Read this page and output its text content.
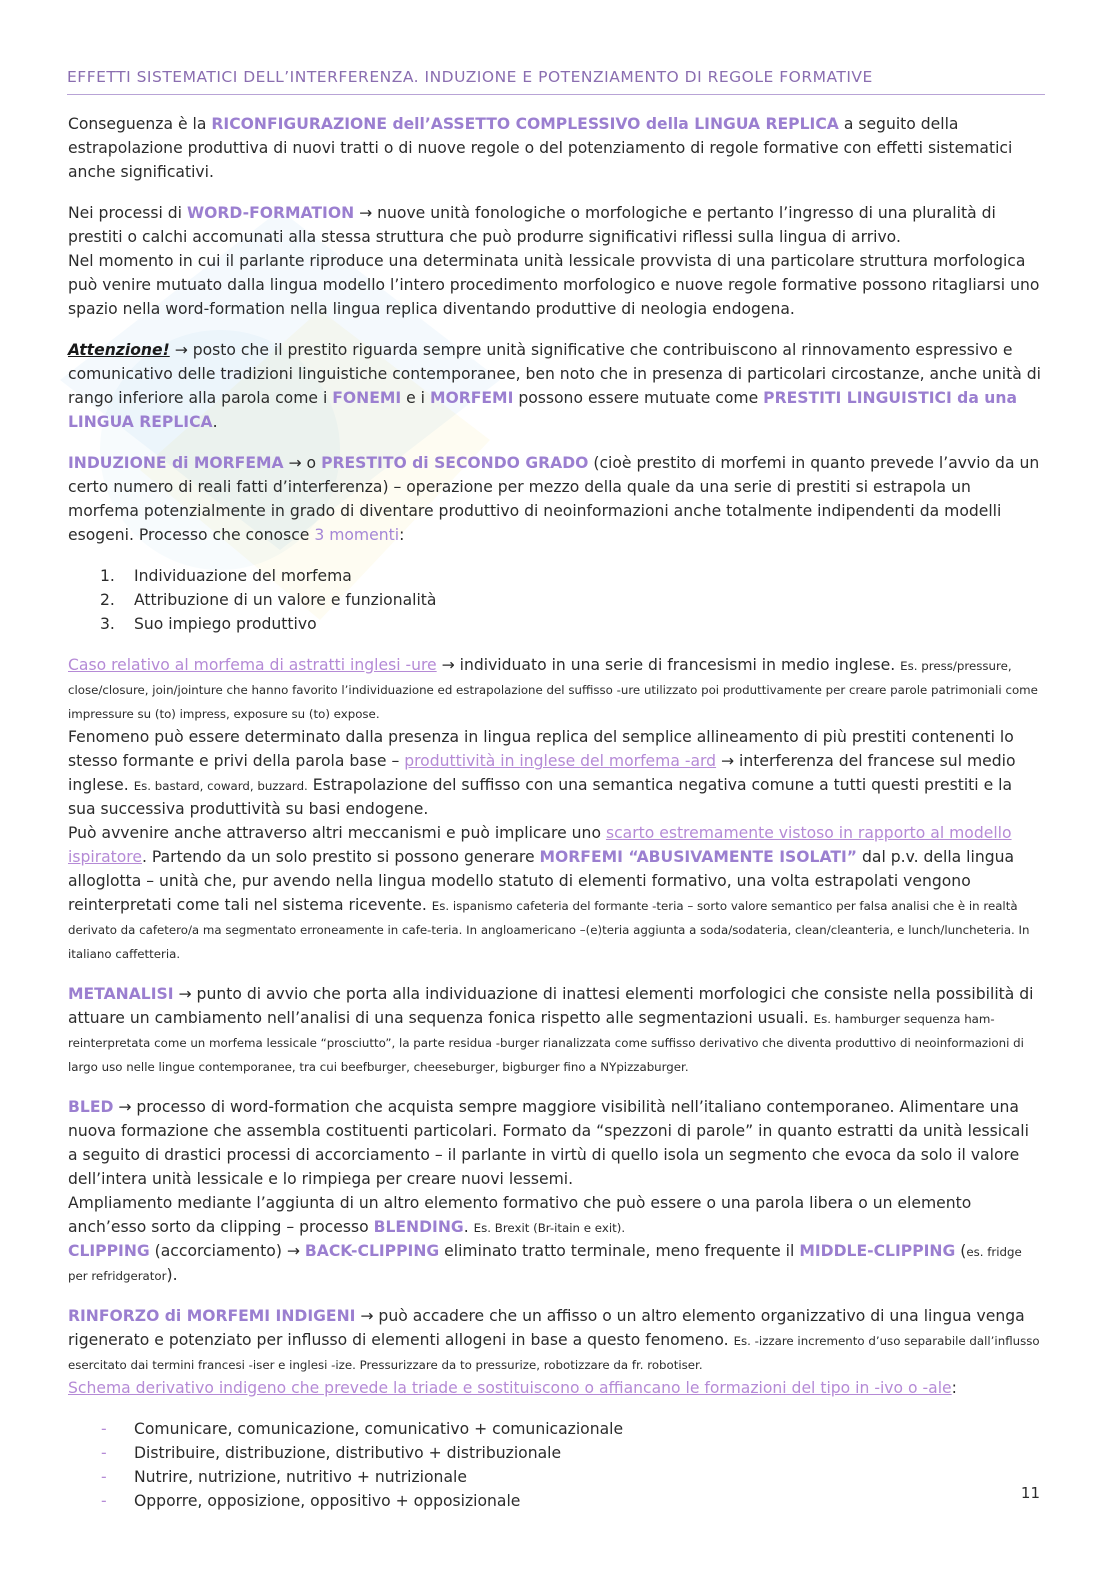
EFFETTI SISTEMATICI DELL’INTERFERENZA. INDUZIONE E POTENZIAMENTO DI REGOLE FORMATIVE

Conseguenza è la RICONFIGURAZIONE dell’ASSETTO COMPLESSIVO della LINGUA REPLICA a seguito della estrapolazione produttiva di nuovi tratti o di nuove regole o del potenziamento di regole formative con effetti sistematici anche significativi.

Nei processi di WORD-FORMATION → nuove unità fonologiche o morfologiche e pertanto l’ingresso di una pluralità di prestiti o calchi accomunati alla stessa struttura che può produrre significativi riflessi sulla lingua di arrivo.
Nel momento in cui il parlante riproduce una determinata unità lessicale provvista di una particolare struttura morfologica può venire mutuato dalla lingua modello l’intero procedimento morfologico e nuove regole formative possono ritagliarsi uno spazio nella word-formation nella lingua replica diventando produttive di neologia endogena.

Attenzione! → posto che il prestito riguarda sempre unità significative che contribuiscono al rinnovamento espressivo e comunicativo delle tradizioni linguistiche contemporanee, ben noto che in presenza di particolari circostanze, anche unità di rango inferiore alla parola come i FONEMI e i MORFEMI possono essere mutuate come PRESTITI LINGUISTICI da una LINGUA REPLICA.

INDUZIONE di MORFEMA → o PRESTITO di SECONDO GRADO (cioè prestito di morfemi in quanto prevede l’avvio da un certo numero di reali fatti d’interferenza) – operazione per mezzo della quale da una serie di prestiti si estrapola un morfema potenzialmente in grado di diventare produttivo di neoinformazioni anche totalmente indipendenti da modelli esogeni. Processo che conosce 3 momenti:

1. Individuazione del morfema
2. Attribuzione di un valore e funzionalità
3. Suo impiego produttivo

Caso relativo al morfema di astratti inglesi -ure → individuato in una serie di francesismi in medio inglese. Es. press/pressure, close/closure, join/jointure che hanno favorito l’individuazione ed estrapolazione del suffisso -ure utilizzato poi produttivamente per creare parole patrimoniali come impressure su (to) impress, exposure su (to) expose.
Fenomeno può essere determinato dalla presenza in lingua replica del semplice allineamento di più prestiti contenenti lo stesso formante e privi della parola base – produttività in inglese del morfema -ard → interferenza del francese sul medio inglese. Es. bastard, coward, buzzard. Estrapolazione del suffisso con una semantica negativa comune a tutti questi prestiti e la sua successiva produttività su basi endogene.
Può avvenire anche attraverso altri meccanismi e può implicare uno scarto estremamente vistoso in rapporto al modello ispiratore. Partendo da un solo prestito si possono generare MORFEMI “ABUSIVAMENTE ISOLATI” dal p.v. della lingua alloglotta – unità che, pur avendo nella lingua modello statuto di elementi formativo, una volta estrapolati vengono reinterpretati come tali nel sistema ricevente. Es. ispanismo cafeteria del formante -teria – sorto valore semantico per falsa analisi che è in realtà derivato da cafetero/a ma segmentato erroneamente in cafe-teria. In angloamericano –(e)teria aggiunta a soda/sodateria, clean/cleanteria, e lunch/luncheteria. In italiano caffetteria.

METANALISI → punto di avvio che porta alla individuazione di inattesi elementi morfologici che consiste nella possibilità di attuare un cambiamento nell’analisi di una sequenza fonica rispetto alle segmentazioni usuali. Es. hamburger sequenza ham- reinterpretata come un morfema lessicale “prosciutto”, la parte residua -burger rianalizzata come suffisso derivativo che diventa produttivo di neoinformazioni di largo uso nelle lingue contemporanee, tra cui beefburger, cheeseburger, bigburger fino a NYpizzaburger.

BLED → processo di word-formation che acquista sempre maggiore visibilità nell’italiano contemporaneo. Alimentare una nuova formazione che assembla costituenti particolari. Formato da “spezzoni di parole” in quanto estratti da unità lessicali a seguito di drastici processi di accorciamento – il parlante in virtù di quello isola un segmento che evoca da solo il valore dell’intera unità lessicale e lo rimpiega per creare nuovi lessemi.
Ampliamento mediante l’aggiunta di un altro elemento formativo che può essere o una parola libera o un elemento anch’esso sorto da clipping – processo BLENDING. Es. Brexit (Br-itain e exit).
CLIPPING (accorciamento) → BACK-CLIPPING eliminato tratto terminale, meno frequente il MIDDLE-CLIPPING (es. fridge per refridgerator).

RINFORZO di MORFEMI INDIGENI → può accadere che un affisso o un altro elemento organizzativo di una lingua venga rigenerato e potenziato per influsso di elementi allogeni in base a questo fenomeno. Es. -izzare incremento d’uso separabile dall’influsso esercitato dai termini francesi -iser e inglesi -ize. Pressurizzare da to pressurize, robotizzare da fr. robotiser.
Schema derivativo indigeno che prevede la triade e sostituiscono o affiancano le formazioni del tipo in -ivo o -ale:

- Comunicare, comunicazione, comunicativo + comunicazionale
- Distribuire, distribuzione, distributivo + distribuzionale
- Nutrire, nutrizione, nutritivo + nutrizionale
- Opporre, opposizione, oppositivo + opposizionale	11
